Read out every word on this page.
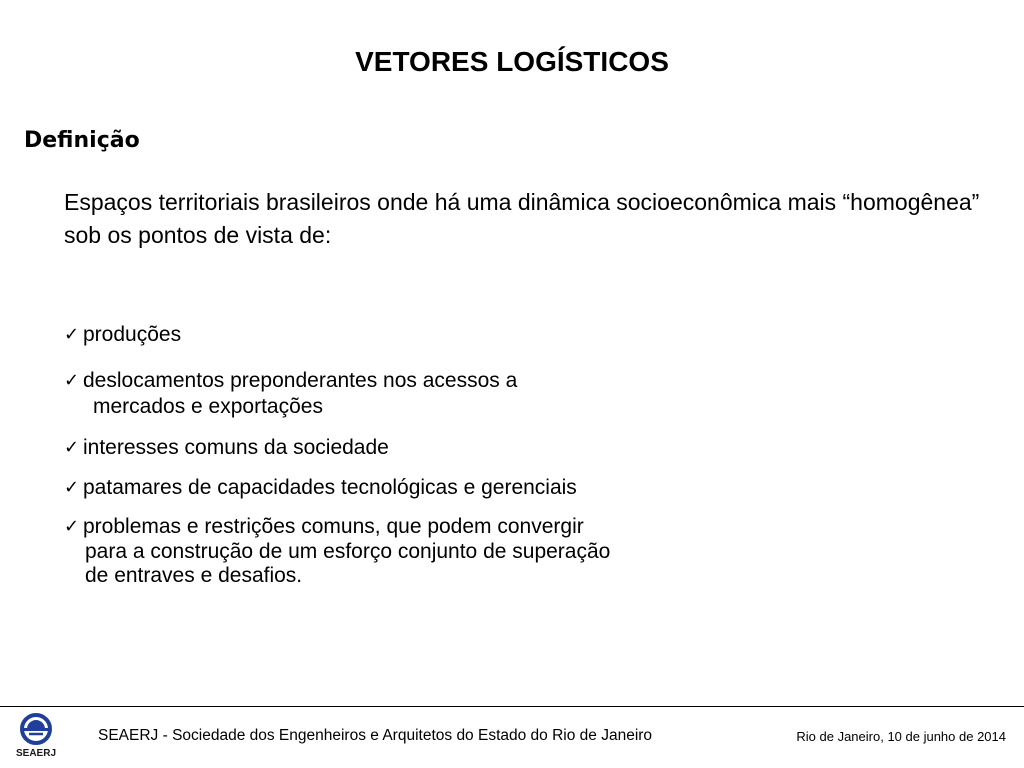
VETORES LOGÍSTICOS
Definição
Espaços territoriais brasileiros onde há uma dinâmica socioeconômica mais “homogênea” sob os pontos de vista de:
✓ produções
✓ deslocamentos preponderantes nos acessos a
mercados e exportações
✓ interesses comuns da sociedade
✓ patamares de capacidades tecnológicas e gerenciais
✓ problemas e restrições comuns, que podem convergir
para a construção de um esforço conjunto de superação
de entraves e desafios.
SEAERJ
SEAERJ - Sociedade dos Engenheiros e Arquitetos do Estado do Rio de Janeiro	Rio de Janeiro, 10 de junho de 2014
